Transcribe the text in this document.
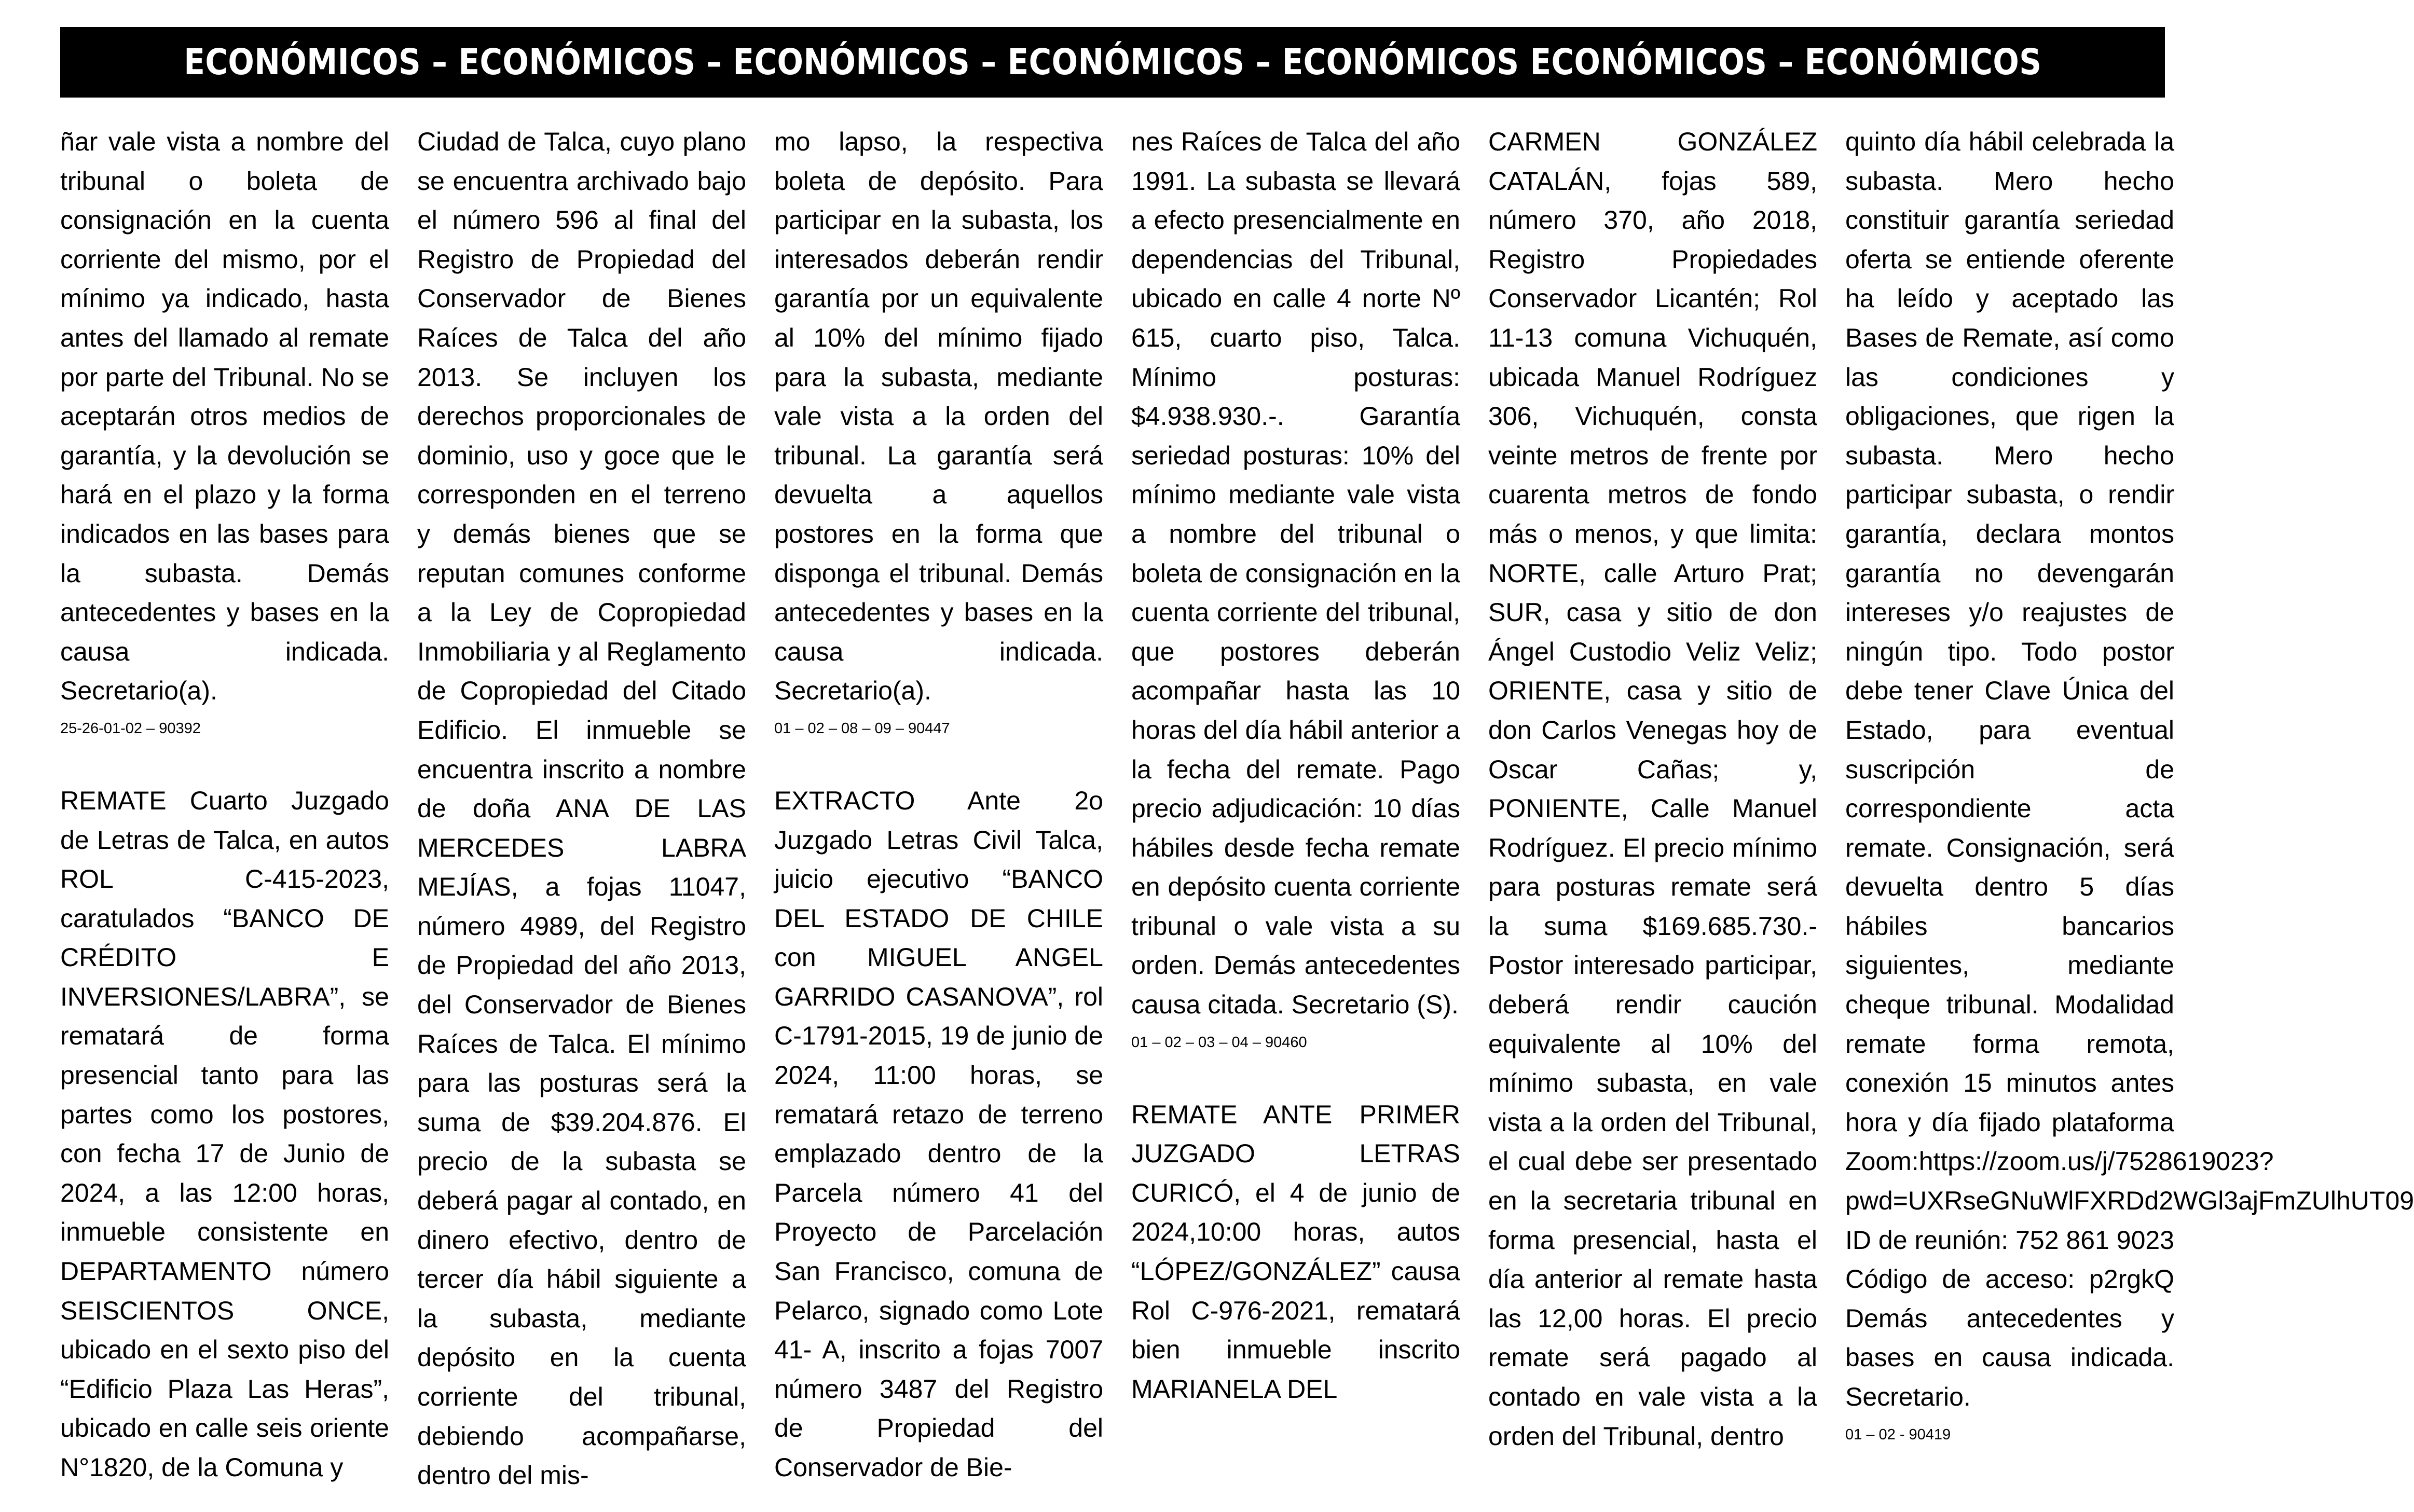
ECONÓMICOS – ECONÓMICOS – ECONÓMICOS – ECONÓMICOS – ECONÓMICOS ECONÓMICOS – ECONÓMICOS

ñar vale vista a nombre del tribunal o boleta de consignación en la cuenta corriente del mismo, por el mínimo ya indicado, hasta antes del llamado al remate por parte del Tribunal. No se aceptarán otros medios de garantía, y la devolución se hará en el plazo y la forma indicados en las bases para la subasta. Demás antecedentes y bases en la causa indicada. Secretario(a).

25-26-01-02 – 90392

REMATE Cuarto Juzgado de Letras de Talca, en autos ROL C-415-2023, caratulados “BANCO DE CRÉDITO E INVERSIONES/LABRA”, se rematará de forma presencial tanto para las partes como los postores, con fecha 17 de Junio de 2024, a las 12:00 horas, inmueble consistente en DEPARTAMENTO número SEISCIENTOS ONCE, ubicado en el sexto piso del “Edificio Plaza Las Heras”, ubicado en calle seis oriente N°1820, de la Comuna y

Ciudad de Talca, cuyo plano se encuentra archivado bajo el número 596 al final del Registro de Propiedad del Conservador de Bienes Raíces de Talca del año 2013. Se incluyen los derechos proporcionales de dominio, uso y goce que le corresponden en el terreno y demás bienes que se reputan comunes conforme a la Ley de Copropiedad Inmobiliaria y al Reglamento de Copropiedad del Citado Edificio. El inmueble se encuentra inscrito a nombre de doña ANA DE LAS MERCEDES LABRA MEJÍAS, a fojas 11047, número 4989, del Registro de Propiedad del año 2013, del Conservador de Bienes Raíces de Talca. El mínimo para las posturas será la suma de $39.204.876. El precio de la subasta se deberá pagar al contado, en dinero efectivo, dentro de tercer día hábil siguiente a la subasta, mediante depósito en la cuenta corriente del tribunal, debiendo acompañarse, dentro del mis-

mo lapso, la respectiva boleta de depósito. Para participar en la subasta, los interesados deberán rendir garantía por un equivalente al 10% del mínimo fijado para la subasta, mediante vale vista a la orden del tribunal. La garantía será devuelta a aquellos postores en la forma que disponga el tribunal. Demás antecedentes y bases en la causa indicada. Secretario(a).

01 – 02 – 08 – 09 – 90447

EXTRACTO Ante 2o Juzgado Letras Civil Talca, juicio ejecutivo “BANCO DEL ESTADO DE CHILE con MIGUEL ANGEL GARRIDO CASANOVA”, rol C-1791-2015, 19 de junio de 2024, 11:00 horas, se rematará retazo de terreno emplazado dentro de la Parcela número 41 del Proyecto de Parcelación San Francisco, comuna de Pelarco, signado como Lote 41- A, inscrito a fojas 7007 número 3487 del Registro de Propiedad del Conservador de Bie-

nes Raíces de Talca del año 1991. La subasta se llevará a efecto presencialmente en dependencias del Tribunal, ubicado en calle 4 norte Nº 615, cuarto piso, Talca. Mínimo posturas: $4.938.930.-. Garantía seriedad posturas: 10% del mínimo mediante vale vista a nombre del tribunal o boleta de consignación en la cuenta corriente del tribunal, que postores deberán acompañar hasta las 10 horas del día hábil anterior a la fecha del remate. Pago precio adjudicación: 10 días hábiles desde fecha remate en depósito cuenta corriente tribunal o vale vista a su orden. Demás antecedentes causa citada. Secretario (S).

01 – 02 – 03 – 04 – 90460

REMATE ANTE PRIMER JUZGADO LETRAS CURICÓ, el 4 de junio de 2024,10:00 horas, autos “LÓPEZ/GONZÁLEZ” causa Rol C-976-2021, rematará bien inmueble inscrito MARIANELA DEL

CARMEN GONZÁLEZ CATALÁN, fojas 589, número 370, año 2018, Registro Propiedades Conservador Licantén; Rol 11-13 comuna Vichuquén, ubicada Manuel Rodríguez 306, Vichuquén, consta veinte metros de frente por cuarenta metros de fondo más o menos, y que limita: NORTE, calle Arturo Prat; SUR, casa y sitio de don Ángel Custodio Veliz Veliz; ORIENTE, casa y sitio de don Carlos Venegas hoy de Oscar Cañas; y, PONIENTE, Calle Manuel Rodríguez. El precio mínimo para posturas remate será la suma $169.685.730.- Postor interesado participar, deberá rendir caución equivalente al 10% del mínimo subasta, en vale vista a la orden del Tribunal, el cual debe ser presentado en la secretaria tribunal en forma presencial, hasta el día anterior al remate hasta las 12,00 horas. El precio remate será pagado al contado en vale vista a la orden del Tribunal, dentro

quinto día hábil celebrada la subasta. Mero hecho constituir garantía seriedad oferta se entiende oferente ha leído y aceptado las Bases de Remate, así como las condiciones y obligaciones, que rigen la subasta. Mero hecho participar subasta, o rendir garantía, declara montos garantía no devengarán intereses y/o reajustes de ningún tipo. Todo postor debe tener Clave Única del Estado, para eventual suscripción de correspondiente acta remate. Consignación, será devuelta dentro 5 días hábiles bancarios siguientes, mediante cheque tribunal. Modalidad remate forma remota, conexión 15 minutos antes hora y día fijado plataforma Zoom:https://zoom.us/j/7528619023?pwd=UXRseGNuWlFXRDd2WGl3ajFmZUlhUT09 ID de reunión: 752 861 9023 Código de acceso: p2rgkQ Demás antecedentes y bases en causa indicada. Secretario.

01 – 02 - 90419
